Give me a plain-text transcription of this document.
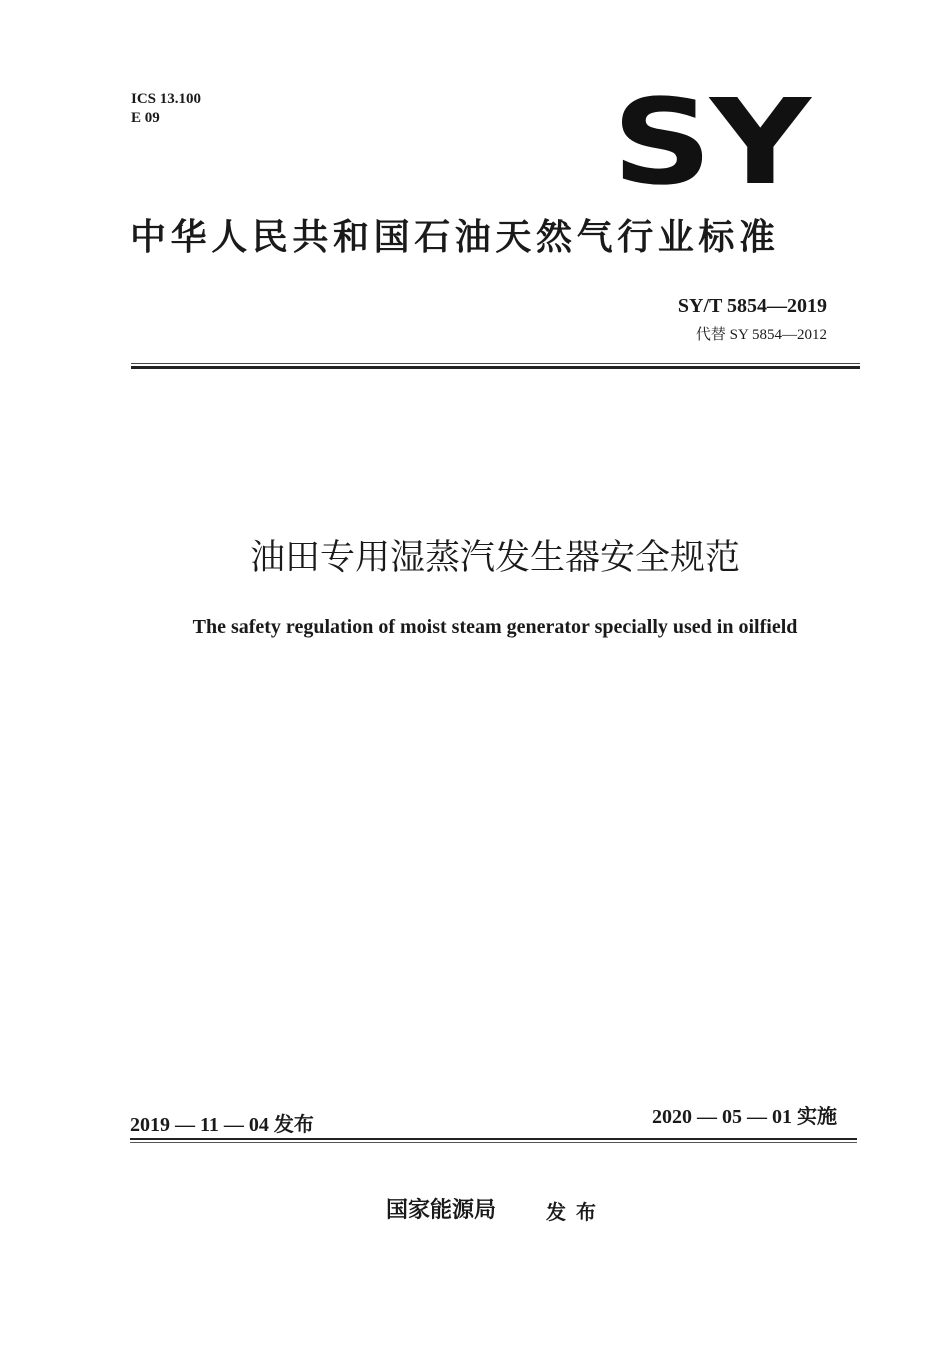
ICS 13.100
E 09	SY
中华人民共和国石油天然气行业标准
SY/T 5854—2019
代替 SY 5854—2012
油田专用湿蒸汽发生器安全规范
The safety regulation of moist steam generator specially used in oilfield
2019 — 11 — 04 发布	2020 — 05 — 01 实施
国家能源局 发布
